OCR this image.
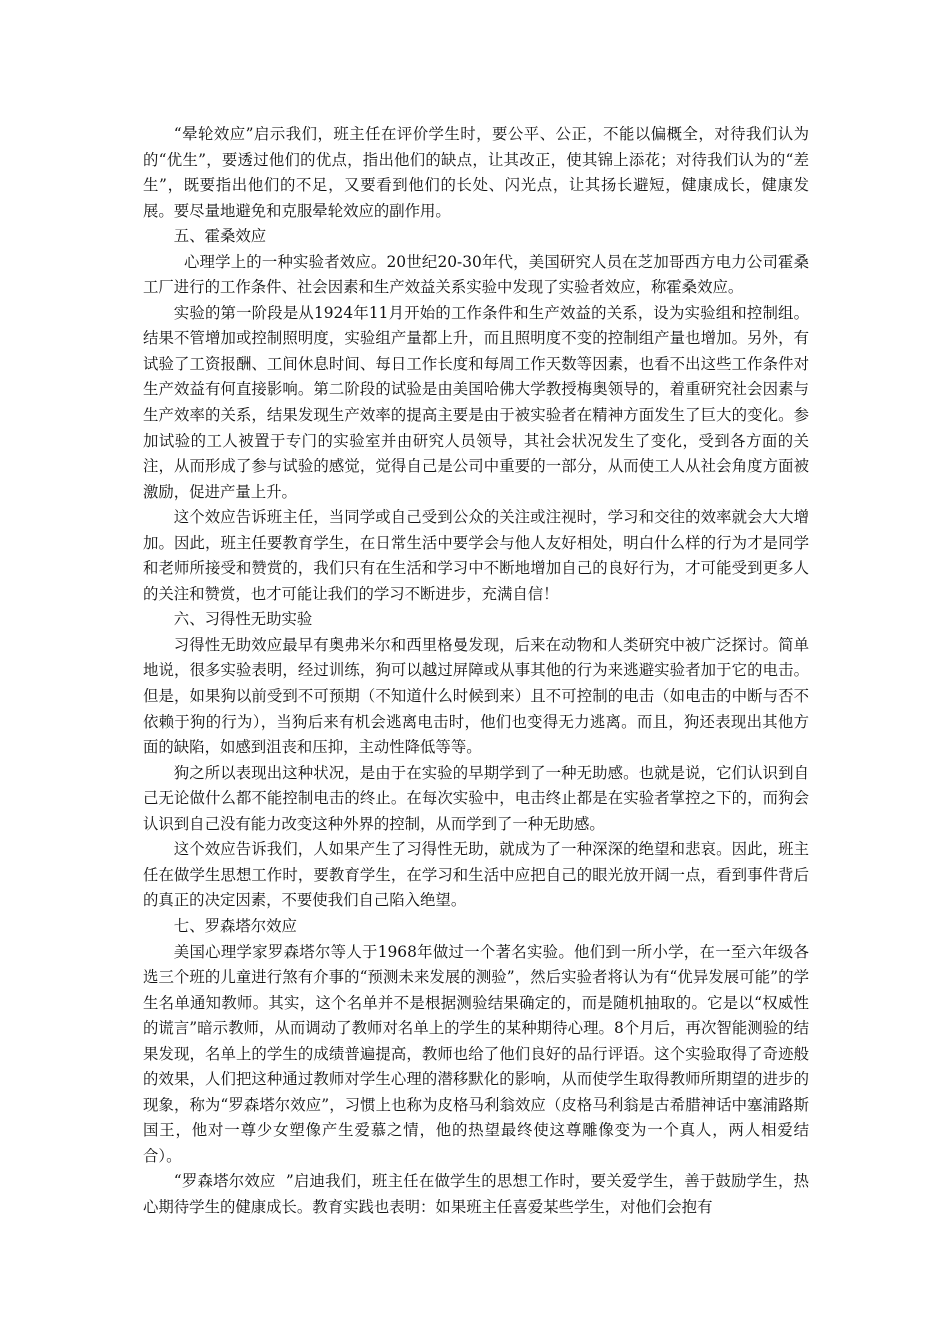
“晕轮效应”启示我们，班主任在评价学生时，要公平、公正，不能以偏概全，对待我们认为的“优生”，要透过他们的优点，指出他们的缺点，让其改正，使其锦上添花；对待我们认为的“差生”，既要指出他们的不足，又要看到他们的长处、闪光点，让其扬长避短，健康成长，健康发展。要尽量地避免和克服晕轮效应的副作用。

五、霍桑效应

心理学上的一种实验者效应。20世纪20-30年代，美国研究人员在芝加哥西方电力公司霍桑工厂进行的工作条件、社会因素和生产效益关系实验中发现了实验者效应，称霍桑效应。

实验的第一阶段是从1924年11月开始的工作条件和生产效益的关系，设为实验组和控制组。结果不管增加或控制照明度，实验组产量都上升，而且照明度不变的控制组产量也增加。另外，有试验了工资报酬、工间休息时间、每日工作长度和每周工作天数等因素，也看不出这些工作条件对生产效益有何直接影响。第二阶段的试验是由美国哈佛大学教授梅奥领导的，着重研究社会因素与生产效率的关系，结果发现生产效率的提高主要是由于被实验者在精神方面发生了巨大的变化。参加试验的工人被置于专门的实验室并由研究人员领导，其社会状况发生了变化，受到各方面的关注，从而形成了参与试验的感觉，觉得自己是公司中重要的一部分，从而使工人从社会角度方面被激励，促进产量上升。

这个效应告诉班主任，当同学或自己受到公众的关注或注视时，学习和交往的效率就会大大增加。因此，班主任要教育学生，在日常生活中要学会与他人友好相处，明白什么样的行为才是同学和老师所接受和赞赏的，我们只有在生活和学习中不断地增加自己的良好行为，才可能受到更多人的关注和赞赏，也才可能让我们的学习不断进步，充满自信！

六、习得性无助实验

习得性无助效应最早有奥弗米尔和西里格曼发现，后来在动物和人类研究中被广泛探讨。简单地说，很多实验表明，经过训练，狗可以越过屏障或从事其他的行为来逃避实验者加于它的电击。但是，如果狗以前受到不可预期（不知道什么时候到来）且不可控制的电击（如电击的中断与否不依赖于狗的行为），当狗后来有机会逃离电击时，他们也变得无力逃离。而且，狗还表现出其他方面的缺陷，如感到沮丧和压抑，主动性降低等等。

狗之所以表现出这种状况，是由于在实验的早期学到了一种无助感。也就是说，它们认识到自己无论做什么都不能控制电击的终止。在每次实验中，电击终止都是在实验者掌控之下的，而狗会认识到自己没有能力改变这种外界的控制，从而学到了一种无助感。

这个效应告诉我们，人如果产生了习得性无助，就成为了一种深深的绝望和悲哀。因此，班主任在做学生思想工作时，要教育学生，在学习和生活中应把自己的眼光放开阔一点，看到事件背后的真正的决定因素，不要使我们自己陷入绝望。

七、罗森塔尔效应

美国心理学家罗森塔尔等人于1968年做过一个著名实验。他们到一所小学，在一至六年级各选三个班的儿童进行煞有介事的“预测未来发展的测验”，然后实验者将认为有“优异发展可能”的学生名单通知教师。其实，这个名单并不是根据测验结果确定的，而是随机抽取的。它是以“权威性的谎言”暗示教师，从而调动了教师对名单上的学生的某种期待心理。8个月后，再次智能测验的结果发现，名单上的学生的成绩普遍提高，教师也给了他们良好的品行评语。这个实验取得了奇迹般的效果，人们把这种通过教师对学生心理的潜移默化的影响，从而使学生取得教师所期望的进步的现象，称为“罗森塔尔效应”，习惯上也称为皮格马利翁效应（皮格马利翁是古希腊神话中塞浦路斯国王，他对一尊少女塑像产生爱慕之情，他的热望最终使这尊雕像变为一个真人，两人相爱结合）。

“罗森塔尔效应  ”启迪我们，班主任在做学生的思想工作时，要关爱学生，善于鼓励学生，热心期待学生的健康成长。教育实践也表明：如果班主任喜爱某些学生，对他们会抱有
